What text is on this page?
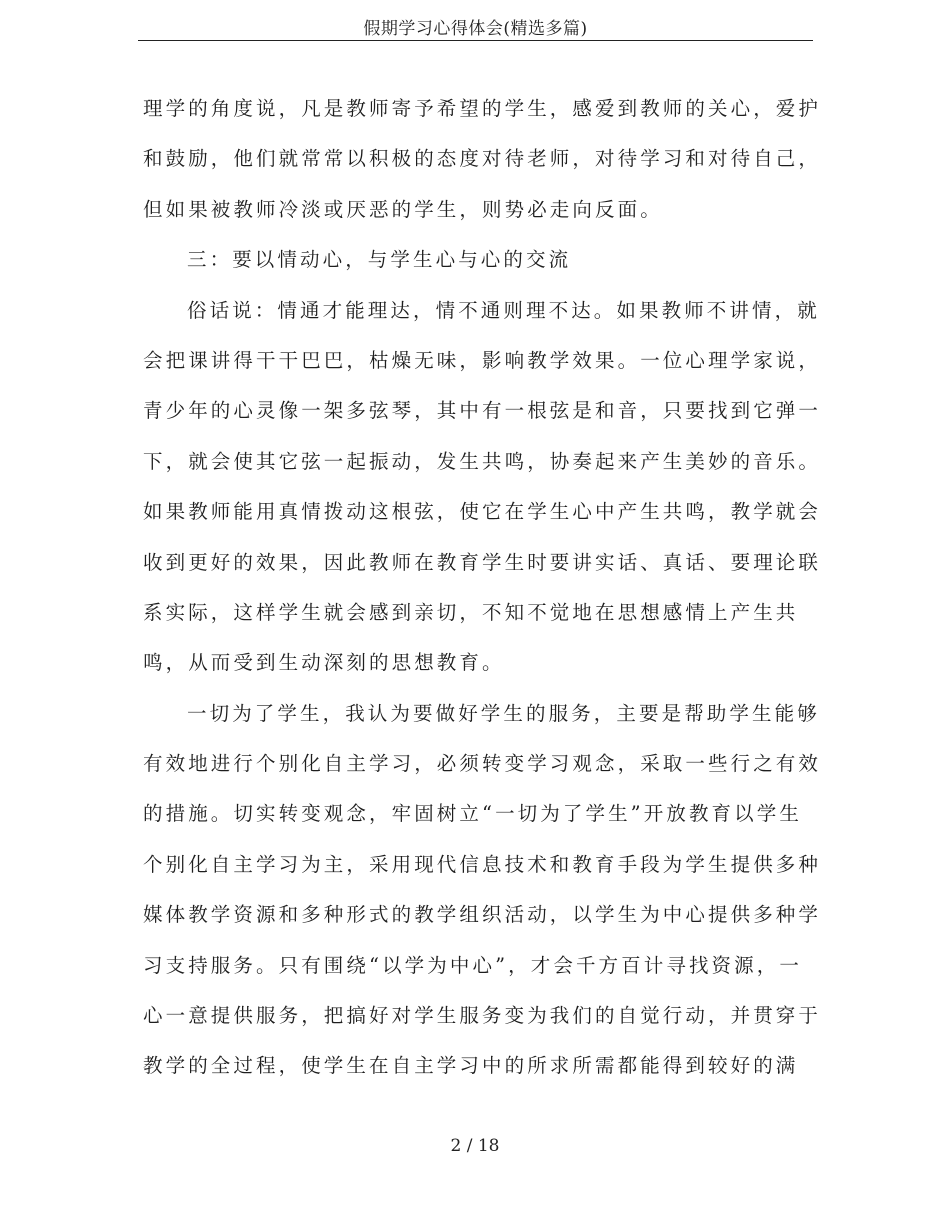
假期学习心得体会(精选多篇)
理学的角度说，凡是教师寄予希望的学生，感爱到教师的关心，爱护
和鼓励，他们就常常以积极的态度对待老师，对待学习和对待自己，
但如果被教师冷淡或厌恶的学生，则势必走向反面。
三：要以情动心，与学生心与心的交流
俗话说：情通才能理达，情不通则理不达。如果教师不讲情，就
会把课讲得干干巴巴，枯燥无味，影响教学效果。一位心理学家说，
青少年的心灵像一架多弦琴，其中有一根弦是和音，只要找到它弹一
下，就会使其它弦一起振动，发生共鸣，协奏起来产生美妙的音乐。
如果教师能用真情拨动这根弦，使它在学生心中产生共鸣，教学就会
收到更好的效果，因此教师在教育学生时要讲实话、真话、要理论联
系实际，这样学生就会感到亲切，不知不觉地在思想感情上产生共
鸣，从而受到生动深刻的思想教育。
一切为了学生，我认为要做好学生的服务，主要是帮助学生能够
有效地进行个别化自主学习，必须转变学习观念，采取一些行之有效
的措施。切实转变观念，牢固树立“一切为了学生”开放教育以学生
个别化自主学习为主，采用现代信息技术和教育手段为学生提供多种
媒体教学资源和多种形式的教学组织活动，以学生为中心提供多种学
习支持服务。只有围绕“以学为中心”，才会千方百计寻找资源，一
心一意提供服务，把搞好对学生服务变为我们的自觉行动，并贯穿于
教学的全过程，使学生在自主学习中的所求所需都能得到较好的满
2 / 18
